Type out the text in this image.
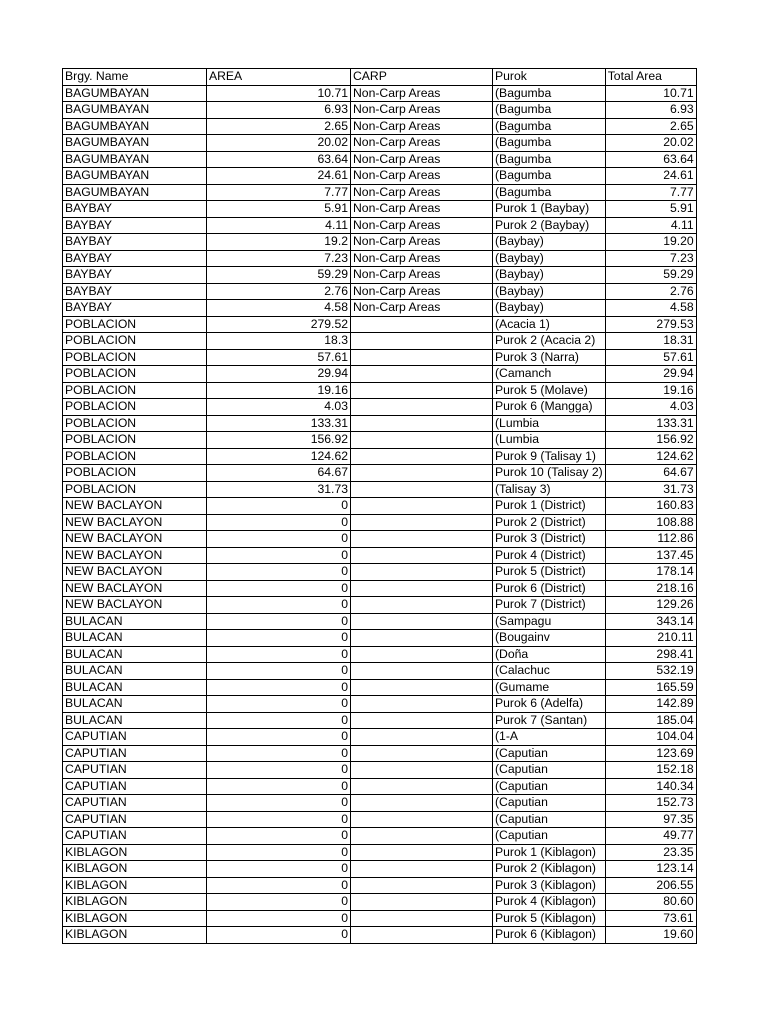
Brgy. Name	AREA	CARP	Purok	Total Area
BAGUMBAYAN	10.71	Non-Carp Areas	(Bagumba	10.71
BAGUMBAYAN	6.93	Non-Carp Areas	(Bagumba	6.93
BAGUMBAYAN	2.65	Non-Carp Areas	(Bagumba	2.65
BAGUMBAYAN	20.02	Non-Carp Areas	(Bagumba	20.02
BAGUMBAYAN	63.64	Non-Carp Areas	(Bagumba	63.64
BAGUMBAYAN	24.61	Non-Carp Areas	(Bagumba	24.61
BAGUMBAYAN	7.77	Non-Carp Areas	(Bagumba	7.77
BAYBAY	5.91	Non-Carp Areas	Purok 1 (Baybay)	5.91
BAYBAY	4.11	Non-Carp Areas	Purok 2 (Baybay)	4.11
BAYBAY	19.2	Non-Carp Areas	(Baybay)	19.20
BAYBAY	7.23	Non-Carp Areas	(Baybay)	7.23
BAYBAY	59.29	Non-Carp Areas	(Baybay)	59.29
BAYBAY	2.76	Non-Carp Areas	(Baybay)	2.76
BAYBAY	4.58	Non-Carp Areas	(Baybay)	4.58
POBLACION	279.52		(Acacia 1)	279.53
POBLACION	18.3		Purok 2 (Acacia 2)	18.31
POBLACION	57.61		Purok 3 (Narra)	57.61
POBLACION	29.94		(Camanch	29.94
POBLACION	19.16		Purok 5 (Molave)	19.16
POBLACION	4.03		Purok 6 (Mangga)	4.03
POBLACION	133.31		(Lumbia	133.31
POBLACION	156.92		(Lumbia	156.92
POBLACION	124.62		Purok 9 (Talisay 1)	124.62
POBLACION	64.67		Purok 10 (Talisay 2)	64.67
POBLACION	31.73		(Talisay 3)	31.73
NEW BACLAYON	0		Purok 1 (District)	160.83
NEW BACLAYON	0		Purok 2 (District)	108.88
NEW BACLAYON	0		Purok 3 (District)	112.86
NEW BACLAYON	0		Purok 4 (District)	137.45
NEW BACLAYON	0		Purok 5 (District)	178.14
NEW BACLAYON	0		Purok 6 (District)	218.16
NEW BACLAYON	0		Purok 7 (District)	129.26
BULACAN	0		(Sampagu	343.14
BULACAN	0		(Bougainv	210.11
BULACAN	0		(Doña	298.41
BULACAN	0		(Calachuc	532.19
BULACAN	0		(Gumame	165.59
BULACAN	0		Purok 6 (Adelfa)	142.89
BULACAN	0		Purok 7 (Santan)	185.04
CAPUTIAN	0		(1-A	104.04
CAPUTIAN	0		(Caputian	123.69
CAPUTIAN	0		(Caputian	152.18
CAPUTIAN	0		(Caputian	140.34
CAPUTIAN	0		(Caputian	152.73
CAPUTIAN	0		(Caputian	97.35
CAPUTIAN	0		(Caputian	49.77
KIBLAGON	0		Purok 1 (Kiblagon)	23.35
KIBLAGON	0		Purok 2 (Kiblagon)	123.14
KIBLAGON	0		Purok 3 (Kiblagon)	206.55
KIBLAGON	0		Purok 4 (Kiblagon)	80.60
KIBLAGON	0		Purok 5 (Kiblagon)	73.61
KIBLAGON	0		Purok 6 (Kiblagon)	19.60
